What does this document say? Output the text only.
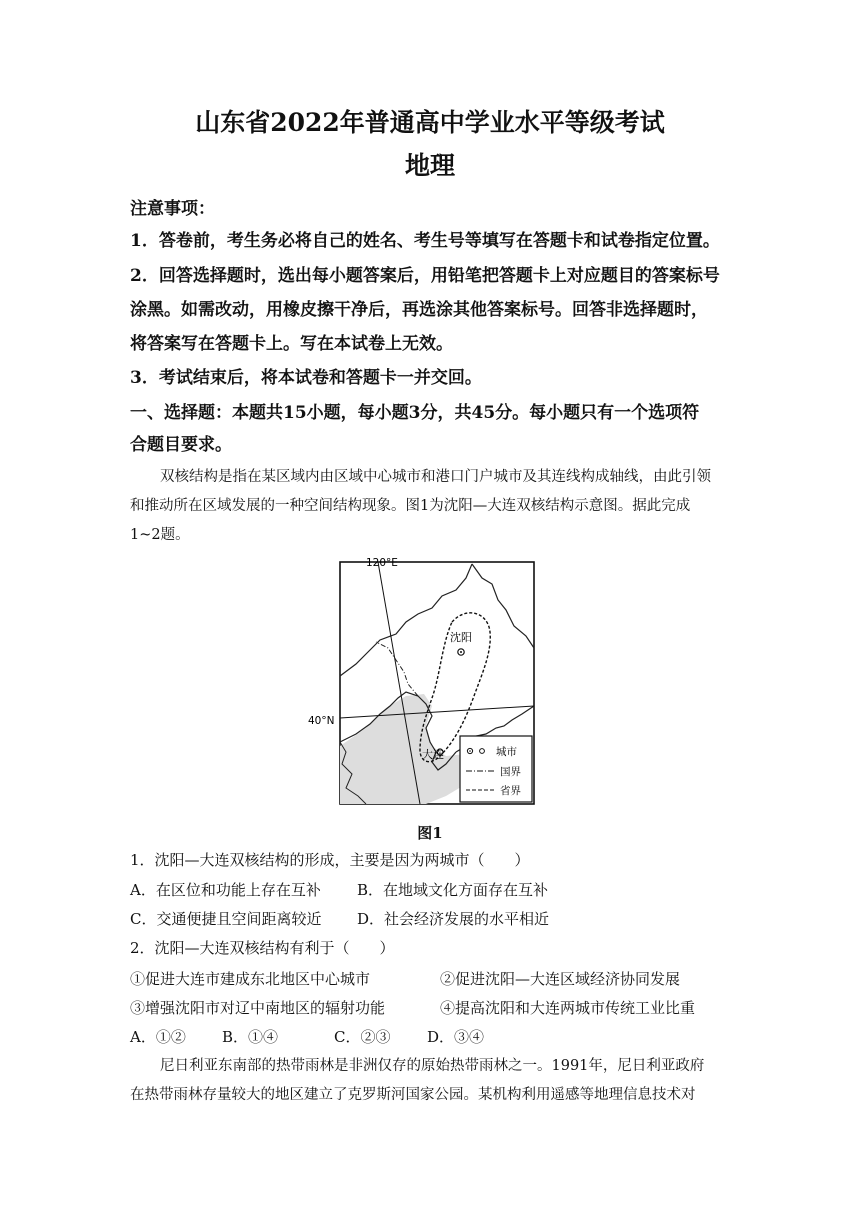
山东省2022年普通高中学业水平等级考试
地理
注意事项：
1．答卷前，考生务必将自己的姓名、考生号等填写在答题卡和试卷指定位置。
2．回答选择题时，选出每小题答案后，用铅笔把答题卡上对应题目的答案标号
涂黑。如需改动，用橡皮擦干净后，再选涂其他答案标号。回答非选择题时，
将答案写在答题卡上。写在本试卷上无效。
3．考试结束后，将本试卷和答题卡一并交回。
一、选择题：本题共15小题，每小题3分，共45分。每小题只有一个选项符
合题目要求。
双核结构是指在某区域内由区域中心城市和港口门户城市及其连线构成轴线，由此引领
和推动所在区域发展的一种空间结构现象。图1为沈阳—大连双核结构示意图。据此完成
1~2题。
沈阳
大连
120°E
40°N
城市
国界
省界
图1
1．沈阳—大连双核结构的形成，主要是因为两城市（　　）
A．在区位和功能上存在互补 B．在地域文化方面存在互补
C．交通便捷且空间距离较近 D．社会经济发展的水平相近
2．沈阳—大连双核结构有利于（　　）
①促进大连市建成东北地区中心城市	②促进沈阳—大连区域经济协同发展
③增强沈阳市对辽中南地区的辐射功能	④提高沈阳和大连两城市传统工业比重
A．①② B．①④	C．②③ D．③④
尼日利亚东南部的热带雨林是非洲仅存的原始热带雨林之一。1991年，尼日利亚政府
在热带雨林存量较大的地区建立了克罗斯河国家公园。某机构利用遥感等地理信息技术对
